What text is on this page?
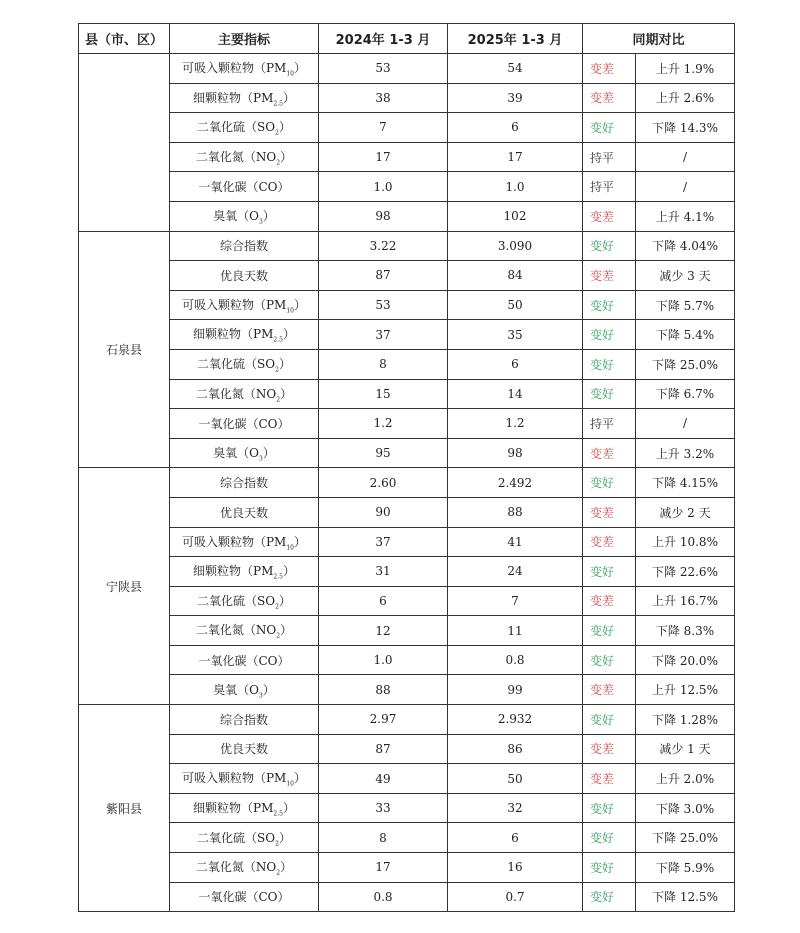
县（市、区）	主要指标	2024年 1-3 月	2025年 1-3 月	同期对比	
	可吸入颗粒物$(PM_{10})$	53	54	变差	上升 1.9%
	细颗粒物$(PM_{2.5})$	38	39	变差	上升 2.6%
	二氧化硫$(SO_2)$	7	6	变好	下降 14.3%
	二氧化氮$(NO_2)$	17	17	持平	/
	一氧化碳（CO）	1.0	1.0	持平	/
	臭氧$(O_3)$	98	102	变差	上升 4.1%
石泉县	综合指数	3.22	3.090	变好	下降 4.04%
	优良天数	87	84	变差	减少 3 天
	可吸入颗粒物$(PM_{10})$	53	50	变好	下降 5.7%
	细颗粒物$(PM_{2.5})$	37	35	变好	下降 5.4%
	二氧化硫$(SO_2)$	8	6	变好	下降 25.0%
	二氧化氮$(NO_2)$	15	14	变好	下降 6.7%
	一氧化碳（CO）	1.2	1.2	持平	/
	臭氧$(O_3)$	95	98	变差	上升 3.2%
宁陕县	综合指数	2.60	2.492	变好	下降 4.15%
	优良天数	90	88	变差	减少 2 天
	可吸入颗粒物$(PM_{10})$	37	41	变差	上升 10.8%
	细颗粒物$(PM_{2.5})$	31	24	变好	下降 22.6%
	二氧化硫$(SO_2)$	6	7	变差	上升 16.7%
	二氧化氮$(NO_2)$	12	11	变好	下降 8.3%
	一氧化碳（CO）	1.0	0.8	变好	下降 20.0%
	臭氧$(O_3)$	88	99	变差	上升 12.5%
紫阳县	综合指数	2.97	2.932	变好	下降 1.28%
	优良天数	87	86	变差	减少 1 天
	可吸入颗粒物$(PM_{10})$	49	50	变差	上升 2.0%
	细颗粒物$(PM_{2.5})$	33	32	变好	下降 3.0%
	二氧化硫$(SO_2)$	8	6	变好	下降 25.0%
	二氧化氮$(NO_2)$	17	16	变好	下降 5.9%
	一氧化碳（CO）	0.8	0.7	变好	下降 12.5%
